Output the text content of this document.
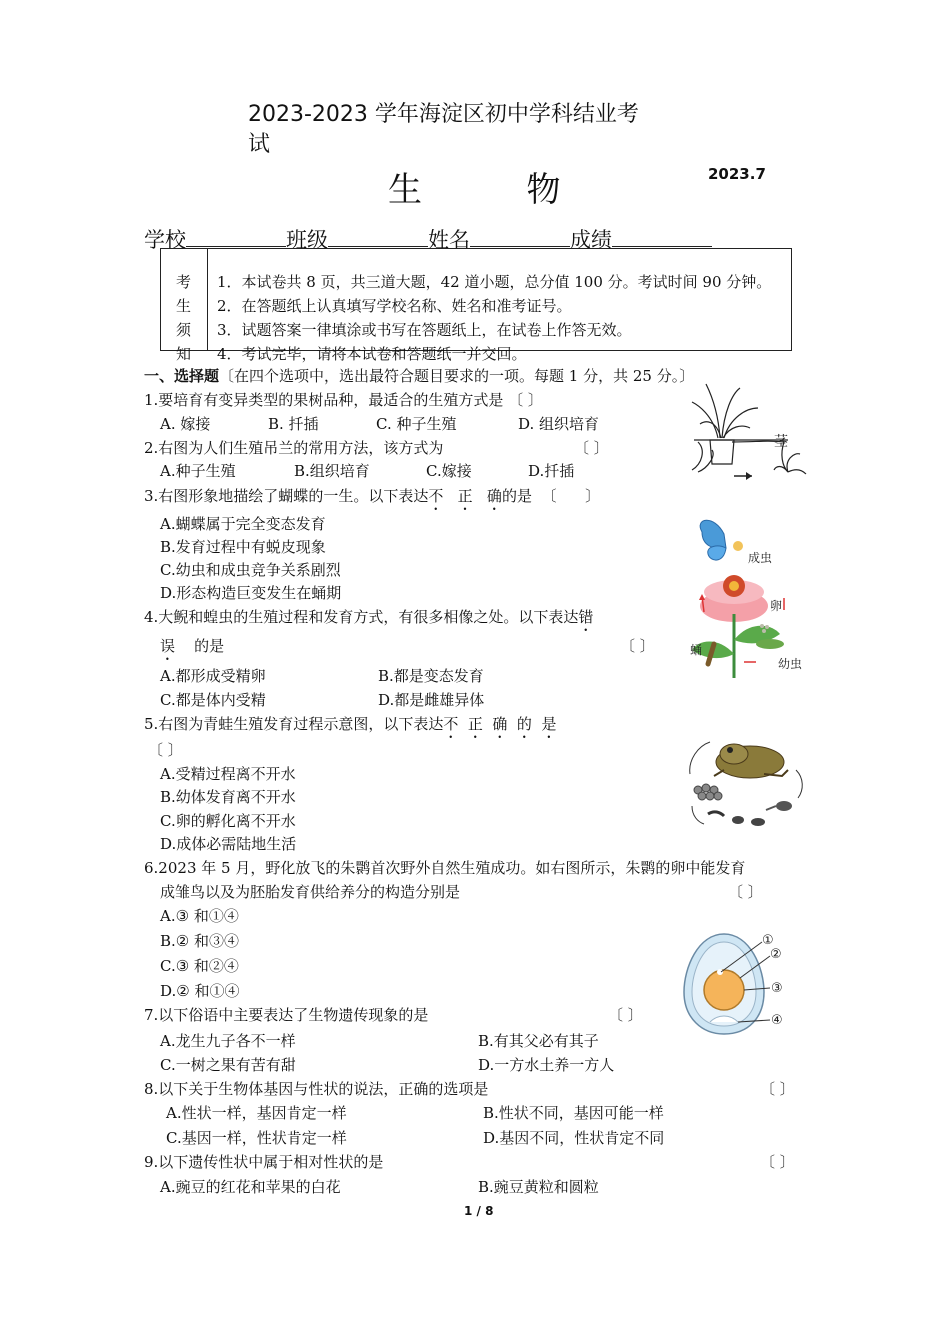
2023-2023 学年海淀区初中学科结业考
试
生        物	2023.7
学校	班级	姓名	成绩
考
生
须
知
1．本试卷共 8 页，共三道大题，42 道小题，总分值 100 分。考试时间 90 分钟。
2．在答题纸上认真填写学校名称、姓名和准考证号。
3．试题答案一律填涂或书写在答题纸上，在试卷上作答无效。
4．考试完毕，请将本试卷和答题纸一并交回。
一、选择题〔在四个选项中，选出最符合题目要求的一项。每题 1 分，共 25 分。〕
1.要培育有变异类型的果树品种，最适合的生殖方式是 〔 〕
A. 嫁接	B. 扦插	C. 种子生殖	D. 组织培育
2.右图为人们生殖吊兰的常用方法，该方式为	〔 〕
A.种子生殖	B.组织培育	C.嫁接	D.扦插
3.右图形象地描绘了蝴蝶的一生。以下表达不   正   确的是  〔      〕
A.蝴蝶属于完全变态发育
B.发育过程中有蜕皮现象
C.幼虫和成虫竞争关系剧烈
D.形态构造巨变发生在蛹期
4.大鲵和蝗虫的生殖过程和发育方式，有很多相像之处。以下表达错
误 的是	〔 〕
A.都形成受精卵	B.都是变态发育
C.都是体内受精	D.都是雌雄异体
5.右图为青蛙生殖发育过程示意图，以下表达不  正  确  的  是
〔 〕
A.受精过程离不开水
B.幼体发育离不开水
C.卵的孵化离不开水
D.成体必需陆地生活
6.2023 年 5 月，野化放飞的朱鹮首次野外自然生殖成功。如右图所示，朱鹮的卵中能发育
成雏鸟以及为胚胎发育供给养分的构造分别是	〔 〕
A.③ 和①④
B.② 和③④
C.③ 和②④
D.② 和①④
7.以下俗语中主要表达了生物遗传现象的是	〔 〕
A.龙生九子各不一样	B.有其父必有其子
C.一树之果有苦有甜	D.一方水土养一方人
8.以下关于生物体基因与性状的说法，正确的选项是	〔 〕
A.性状一样，基因肯定一样	B.性状不同，基因可能一样
C.基因一样，性状肯定一样	D.基因不同，性状肯定不同
9.以下遗传性状中属于相对性状的是	〔 〕
A.豌豆的红花和苹果的白花	B.豌豆黄粒和圆粒
1 / 8
茎
成虫
卵
蛹
幼虫
①
②
③
④
